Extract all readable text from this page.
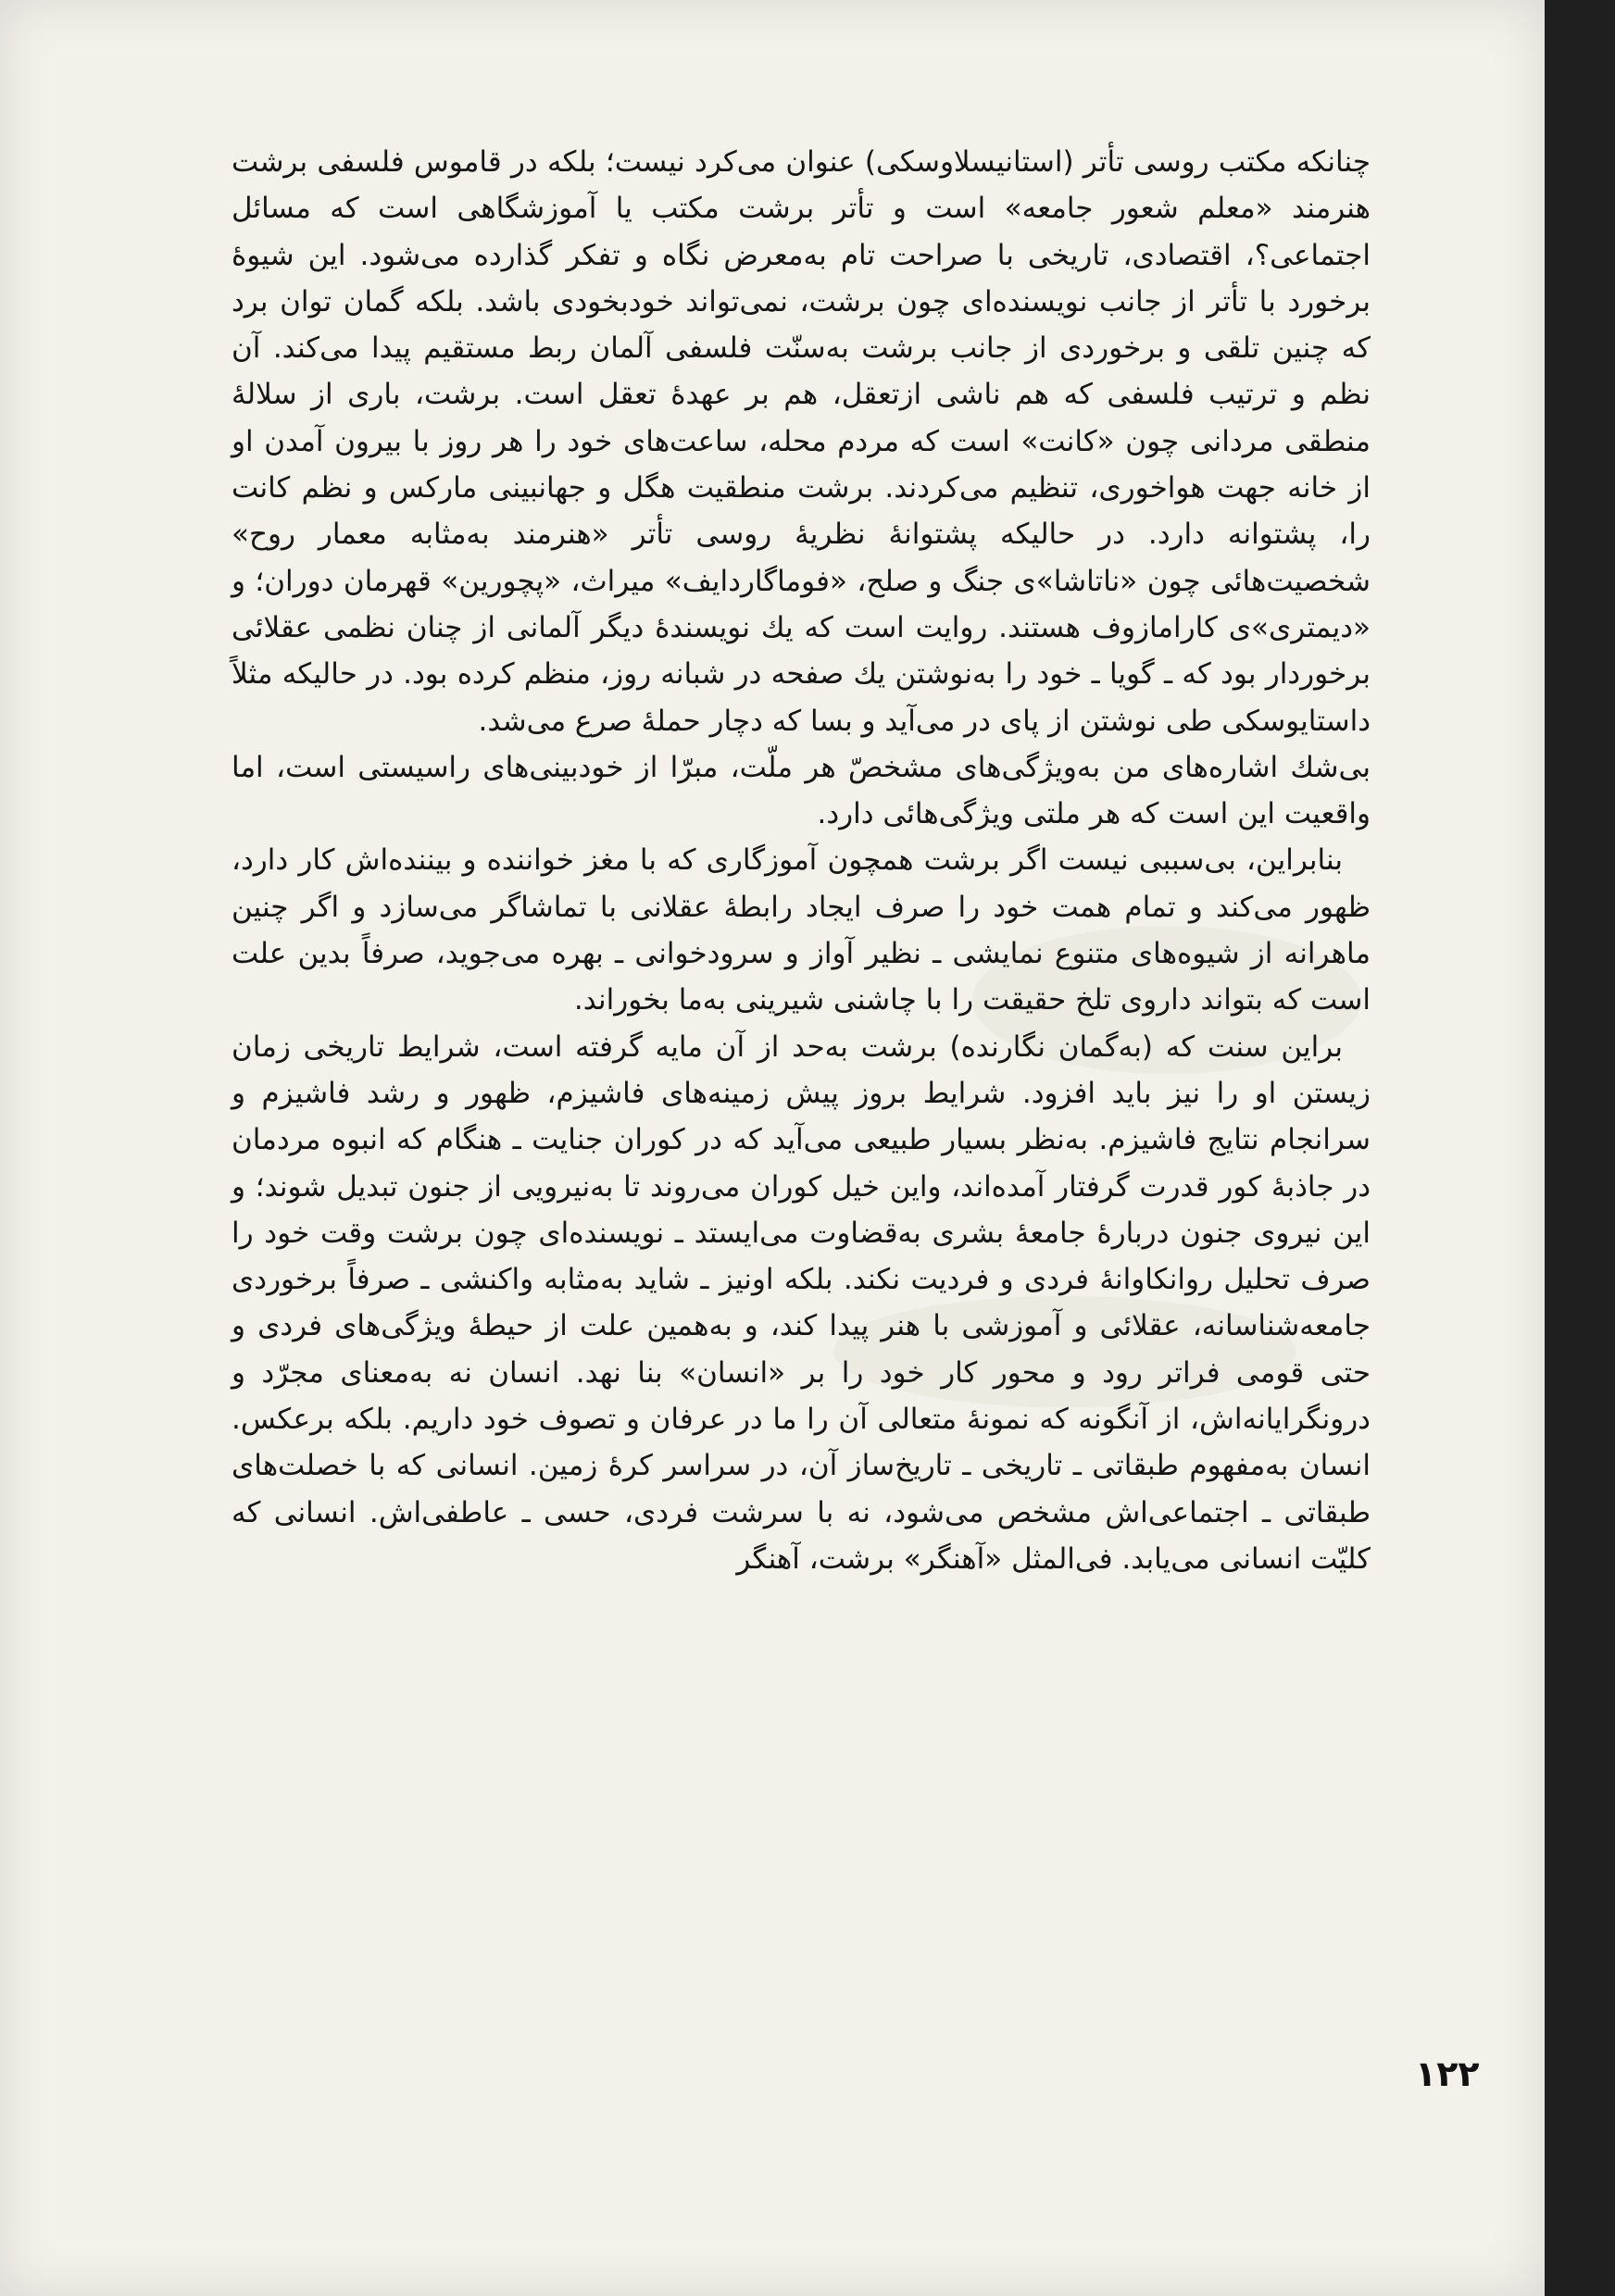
چنانکه مکتب روسی تأتر (استانیسلاوسکی) عنوان می‌کرد نیست؛ بلکه در قاموس فلسفی برشت هنرمند «معلم شعور جامعه» است و تأتر برشت مکتب یا آموزشگاهی است که مسائل اجتماعی؟، اقتصادی، تاریخی با صراحت تام به‌معرض نگاه و تفکر گذارده می‌شود. این شیوهٔ برخورد با تأتر از جانب نویسنده‌ای چون برشت، نمی‌تواند خودبخودی باشد. بلکه گمان توان برد که چنین تلقی و برخوردی از جانب برشت به‌سنّت فلسفی آلمان ربط مستقیم پیدا می‌کند. آن نظم و ترتیب فلسفی که هم ناشی ازتعقل، هم بر عهدهٔ تعقل است. برشت، باری از سلالهٔ منطقی مردانی چون «کانت» است که مردم محله، ساعت‌های خود را هر روز با بیرون آمدن او از خانه جهت هواخوری، تنظیم می‌کردند. برشت منطقیت هگل و جهانبینی مارکس و نظم کانت را، پشتوانه دارد. در حالیکه پشتوانهٔ نظریهٔ روسی تأتر «هنرمند به‌مثابه معمار روح» شخصیت‌هائی چون «ناتاشا»ی جنگ و صلح، «فوماگاردایف» میراث، «پچورین» قهرمان دوران؛ و «دیمتری»ی کارامازوف هستند. روایت است که یك نویسندهٔ دیگر آلمانی از چنان نظمی عقلائی برخوردار بود که ـ گویا ـ خود را به‌نوشتن یك صفحه در شبانه روز، منظم کرده بود. در حالیکه مثلاً داستایوسکی طی نوشتن از پای در می‌آید و بسا که دچار حملهٔ صرع می‌شد.

بی‌شك اشاره‌های من به‌ویژگی‌های مشخصّ هر ملّت، مبرّا از خودبینی‌های راسیستی است، اما واقعیت این است که هر ملتی ویژگی‌هائی دارد.

بنابراین، بی‌سببی نیست اگر برشت همچون آموزگاری که با مغز خواننده و بیننده‌اش کار دارد، ظهور می‌کند و تمام همت خود را صرف ایجاد رابطهٔ عقلانی با تماشاگر می‌سازد و اگر چنین ماهرانه از شیوه‌های متنوع نمایشی ـ نظیر آواز و سرودخوانی ـ بهره می‌جوید، صرفاً بدین علت است که بتواند داروی تلخ حقیقت را با چاشنی شیرینی به‌ما بخوراند.

براین سنت که (به‌گمان نگارنده) برشت به‌حد از آن مایه گرفته است، شرایط تاریخی زمان زیستن او را نیز باید افزود. شرایط بروز پیش زمینه‌های فاشیزم، ظهور و رشد فاشیزم و سرانجام نتایج فاشیزم. به‌نظر بسیار طبیعی می‌آید که در کوران جنایت ـ هنگام که انبوه مردمان در جاذبهٔ کور قدرت گرفتار آمده‌اند، واین خیل کوران می‌روند تا به‌نیرویی از جنون تبدیل شوند؛ و این نیروی جنون دربارهٔ جامعهٔ بشری به‌قضاوت می‌ایستد ـ نویسنده‌ای چون برشت وقت خود را صرف تحلیل روانکاوانهٔ فردی و فردیت نکند. بلکه اونیز ـ شاید به‌مثابه واکنشی ـ صرفاً برخوردی جامعه‌شناسانه، عقلائی و آموزشی با هنر پیدا کند، و به‌همین علت از حیطهٔ ویژگی‌های فردی و حتی قومی فراتر رود و محور کار خود را بر «انسان» بنا نهد. انسان نه به‌معنای مجرّد و درونگرایانه‌اش، از آنگونه که نمونهٔ متعالی آن را ما در عرفان و تصوف خود داریم. بلکه برعکس. انسان به‌مفهوم طبقاتی ـ تاریخی ـ تاریخ‌ساز آن، در سراسر کرهٔ زمین. انسانی که با خصلت‌های طبقاتی ـ اجتماعی‌اش مشخص می‌شود، نه با سرشت فردی، حسی ـ عاطفی‌اش. انسانی که کلیّت انسانی می‌یابد. فی‌المثل «آهنگر» برشت، آهنگر

۱۲۲
